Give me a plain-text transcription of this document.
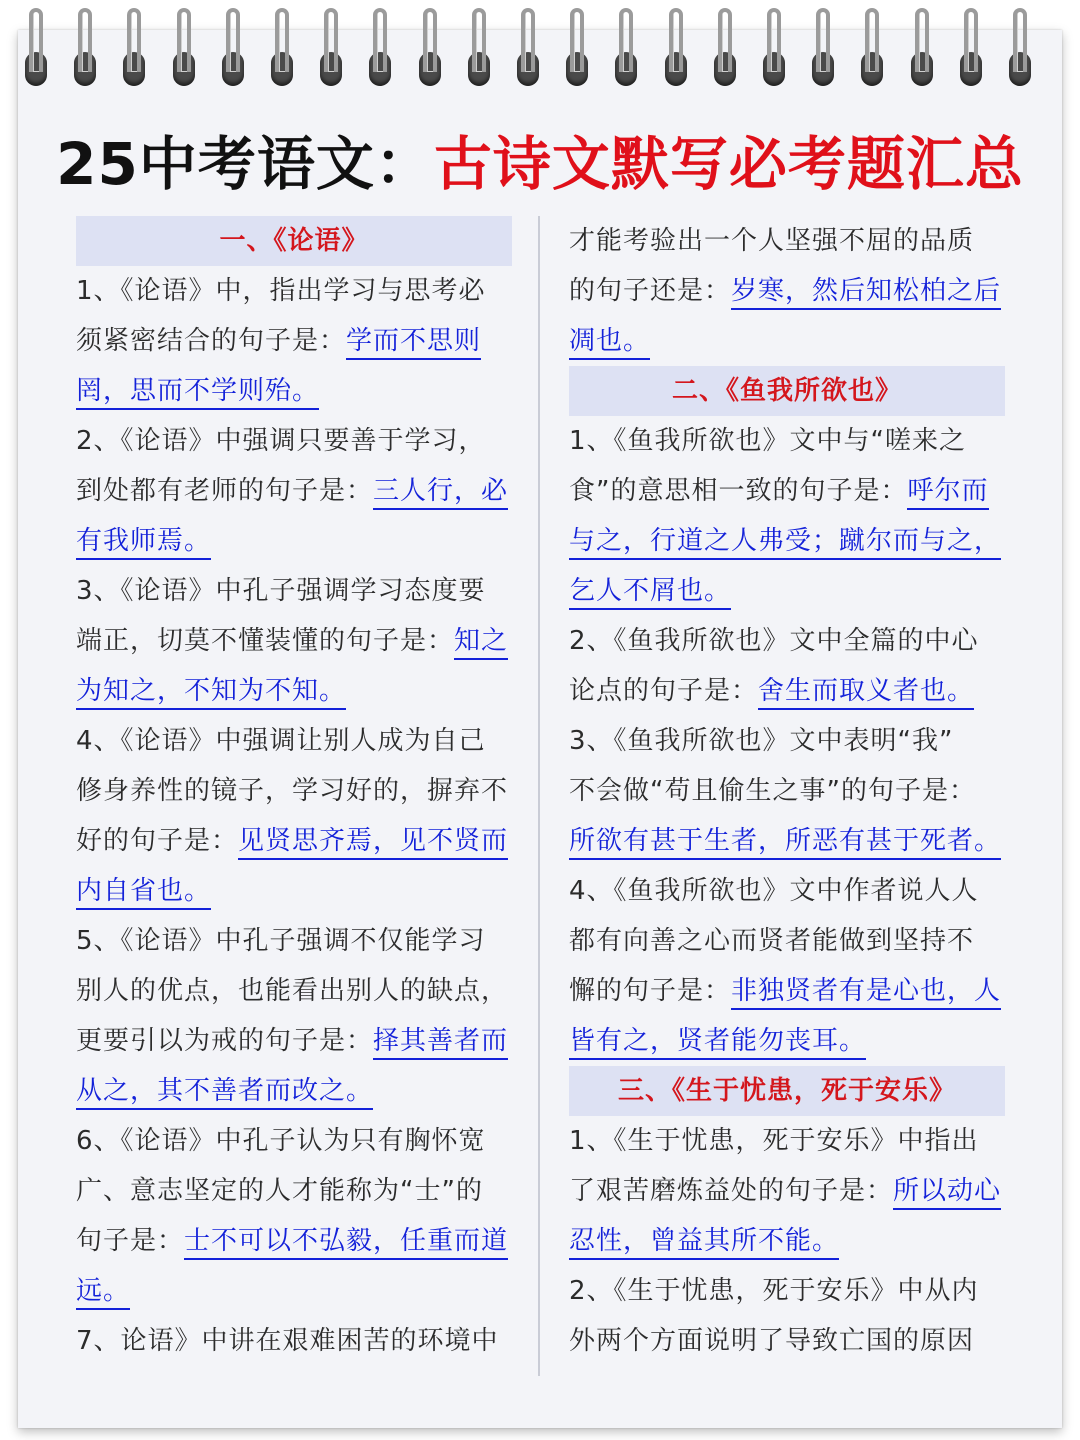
25中考语文：古诗文默写必考题汇总
一、《论语》
1、《论语》中，指出学习与思考必
须紧密结合的句子是：学而不思则
罔，思而不学则殆。
2、《论语》中强调只要善于学习，
到处都有老师的句子是：三人行，必
有我师焉。
3、《论语》中孔子强调学习态度要
端正，切莫不懂装懂的句子是：知之
为知之，不知为不知。
4、《论语》中强调让别人成为自己
修身养性的镜子，学习好的，摒弃不
好的句子是：见贤思齐焉，见不贤而
内自省也。
5、《论语》中孔子强调不仅能学习
别人的优点，也能看出别人的缺点，
更要引以为戒的句子是：择其善者而
从之，其不善者而改之。
6、《论语》中孔子认为只有胸怀宽
广、意志坚定的人才能称为“士”的
句子是：士不可以不弘毅，任重而道
远。
7、论语》中讲在艰难困苦的环境中
才能考验出一个人坚强不屈的品质
的句子还是：岁寒，然后知松柏之后
凋也。
二、《鱼我所欲也》
1、《鱼我所欲也》文中与“嗟来之
食”的意思相一致的句子是：呼尔而
与之，行道之人弗受；蹴尔而与之，
乞人不屑也。
2、《鱼我所欲也》文中全篇的中心
论点的句子是：舍生而取义者也。
3、《鱼我所欲也》文中表明“我”
不会做“苟且偷生之事”的句子是：
所欲有甚于生者，所恶有甚于死者。
4、《鱼我所欲也》文中作者说人人
都有向善之心而贤者能做到坚持不
懈的句子是：非独贤者有是心也，人
皆有之，贤者能勿丧耳。
三、《生于忧患，死于安乐》
1、《生于忧患，死于安乐》中指出
了艰苦磨炼益处的句子是：所以动心
忍性，曾益其所不能。
2、《生于忧患，死于安乐》中从内
外两个方面说明了导致亡国的原因
